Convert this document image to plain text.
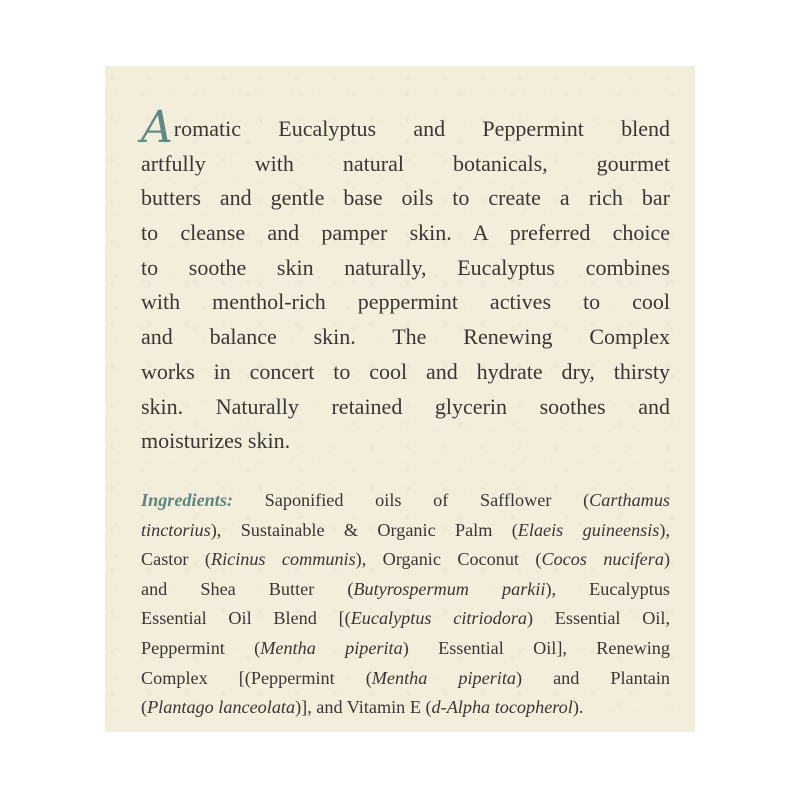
Aromatic Eucalyptus and Peppermint blend
artfully with natural botanicals, gourmet
butters and gentle base oils to create a rich bar
to cleanse and pamper skin. A preferred choice
to soothe skin naturally, Eucalyptus combines
with menthol-rich peppermint actives to cool
and balance skin. The Renewing Complex
works in concert to cool and hydrate dry, thirsty
skin. Naturally retained glycerin soothes and
moisturizes skin.
Ingredients: Saponified oils of Safflower (Carthamus
tinctorius), Sustainable & Organic Palm (Elaeis guineensis),
Castor (Ricinus communis), Organic Coconut (Cocos nucifera)
and Shea Butter (Butyrospermum parkii), Eucalyptus
Essential Oil Blend [(Eucalyptus citriodora) Essential Oil,
Peppermint (Mentha piperita) Essential Oil], Renewing
Complex [(Peppermint (Mentha piperita) and Plantain
(Plantago lanceolata)], and Vitamin E (d-Alpha tocopherol).
